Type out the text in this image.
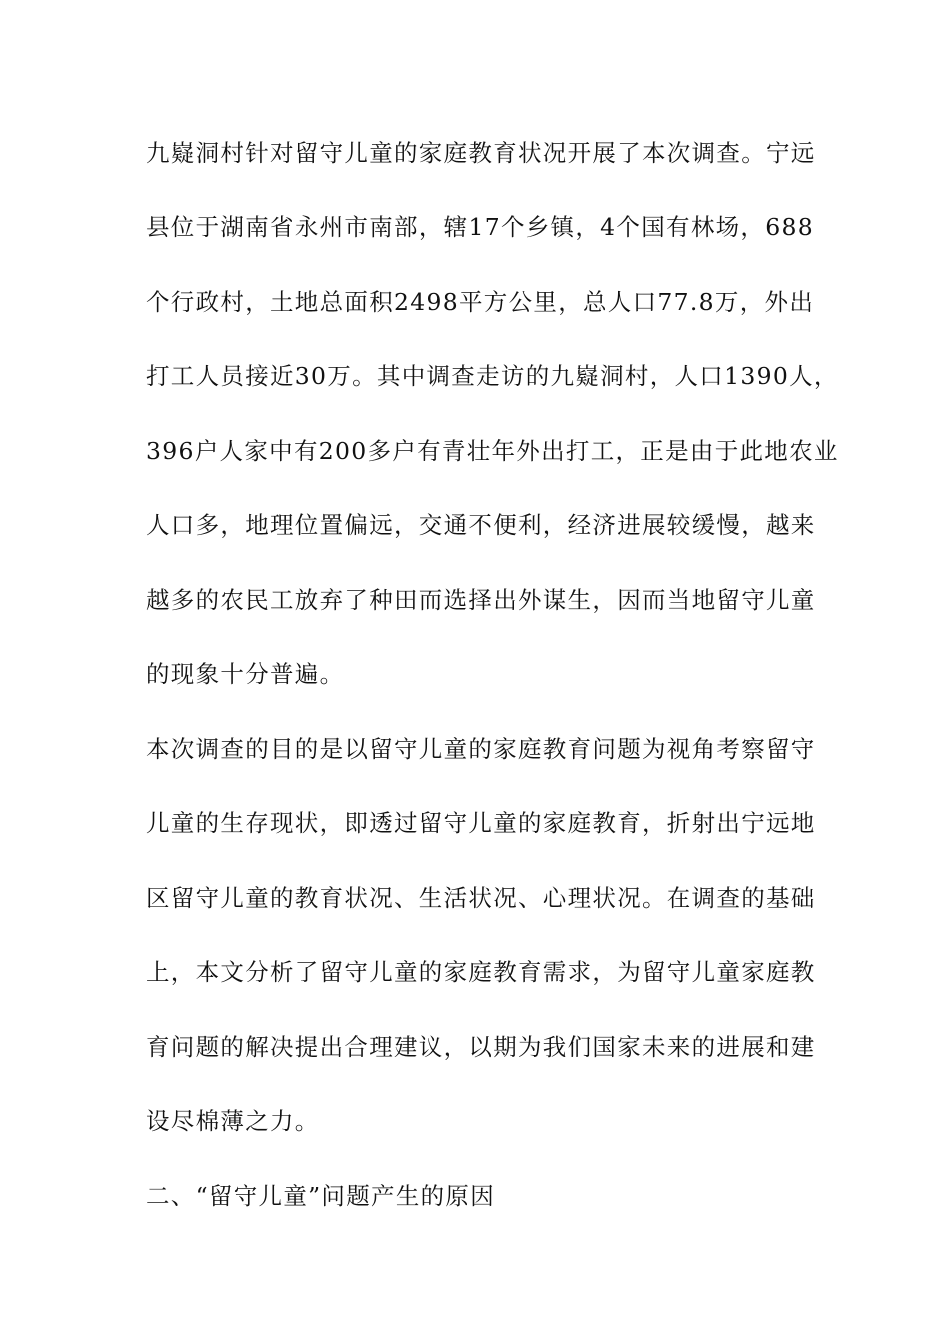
九嶷洞村针对留守儿童的家庭教育状况开展了本次调查。宁远
县位于湖南省永州市南部，辖17个乡镇，4个国有林场，688
个行政村，土地总面积2498平方公里，总人口77.8万，外出
打工人员接近30万。其中调查走访的九嶷洞村，人口1390人，
396户人家中有200多户有青壮年外出打工，正是由于此地农业
人口多，地理位置偏远，交通不便利，经济进展较缓慢，越来
越多的农民工放弃了种田而选择出外谋生，因而当地留守儿童
的现象十分普遍。
本次调查的目的是以留守儿童的家庭教育问题为视角考察留守
儿童的生存现状，即透过留守儿童的家庭教育，折射出宁远地
区留守儿童的教育状况、生活状况、心理状况。在调查的基础
上，本文分析了留守儿童的家庭教育需求，为留守儿童家庭教
育问题的解决提出合理建议，以期为我们国家未来的进展和建
设尽棉薄之力。
二、“留守儿童”问题产生的原因
